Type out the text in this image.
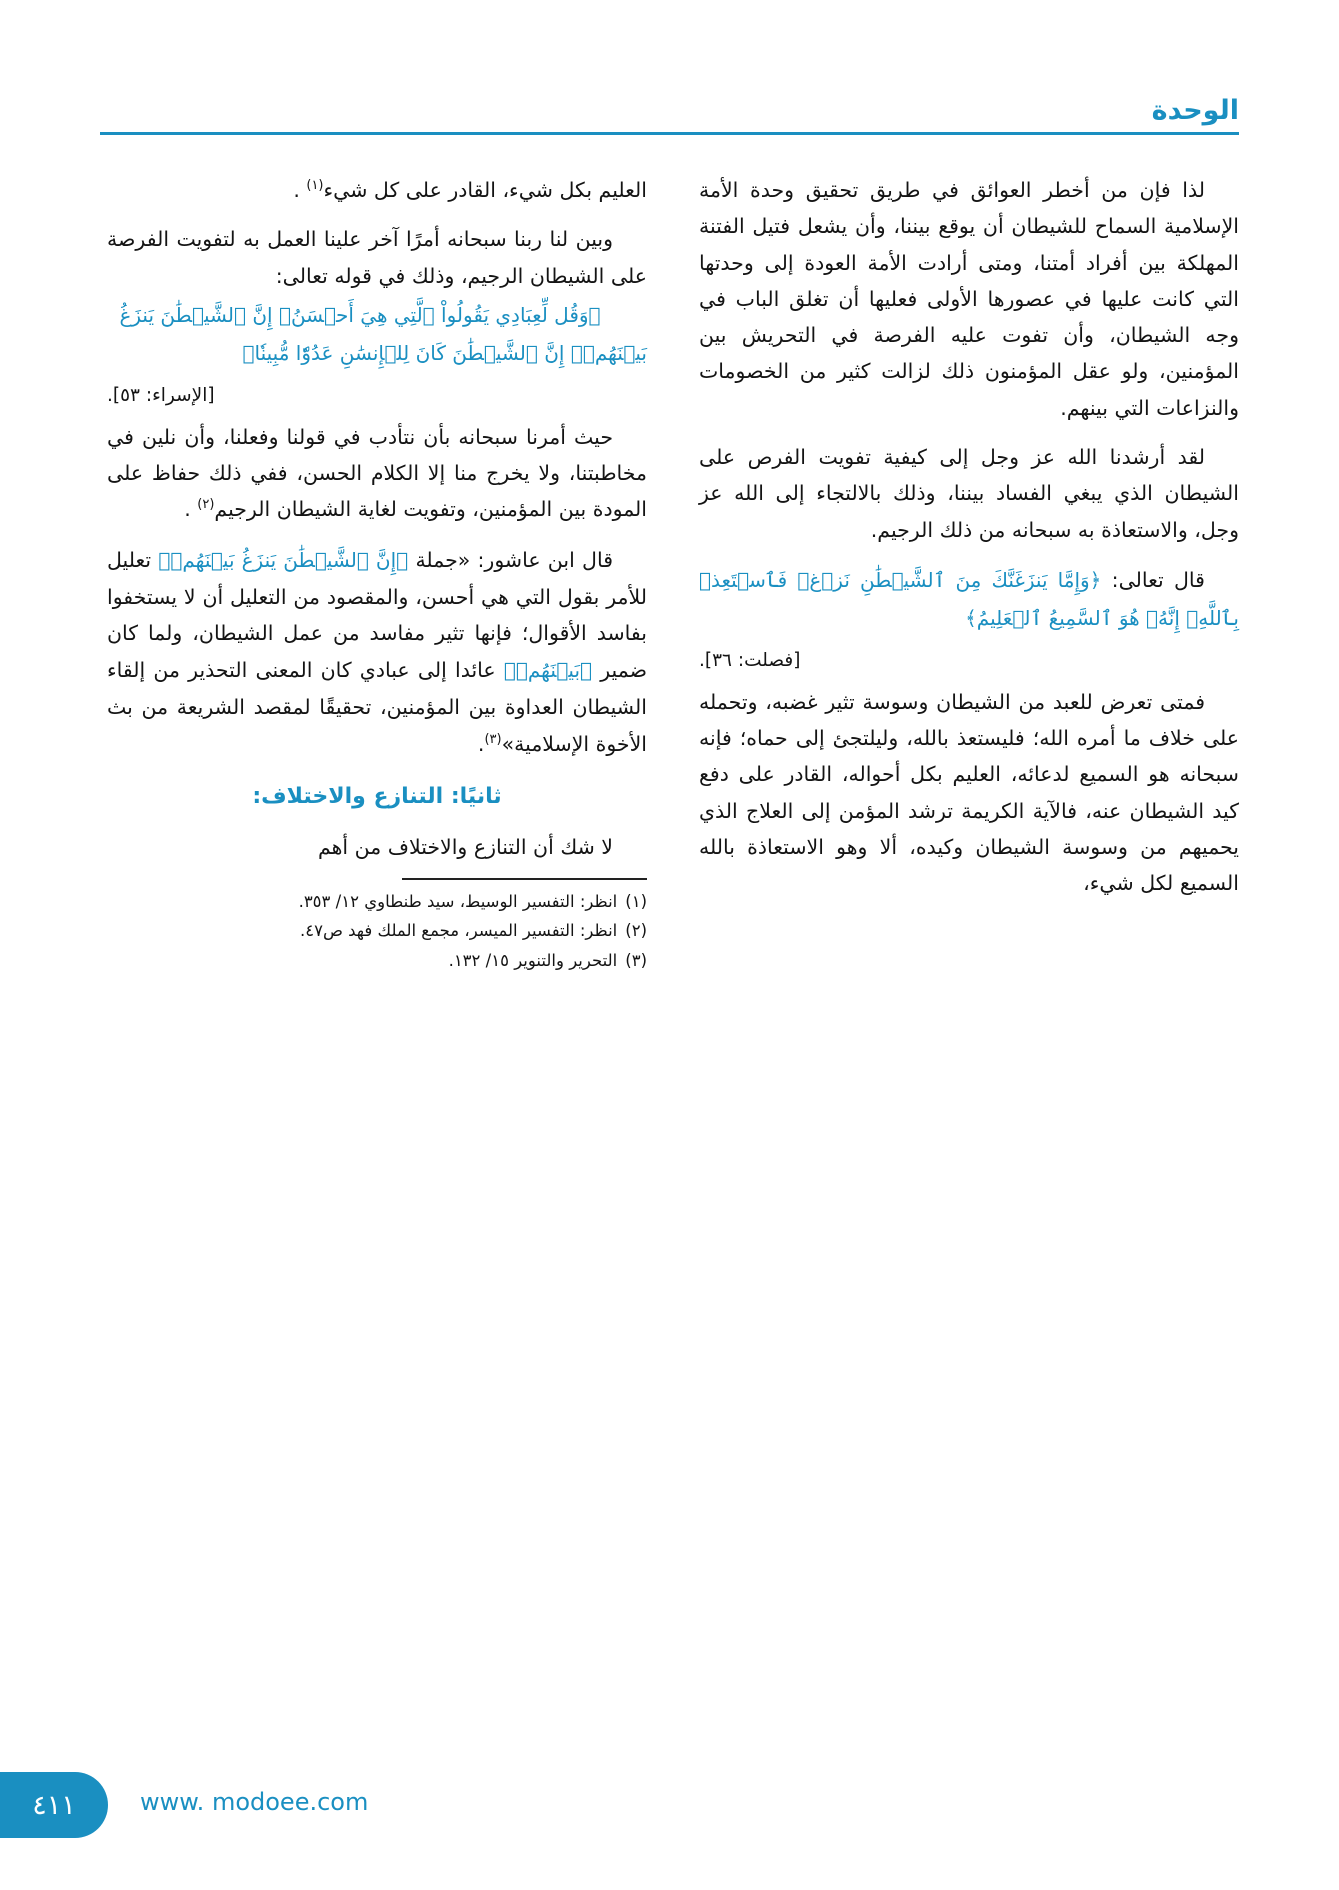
الوحدة

لذا فإن من أخطر العوائق في طريق تحقيق وحدة الأمة الإسلامية السماح للشيطان أن يوقع بيننا، وأن يشعل فتيل الفتنة المهلكة بين أفراد أمتنا، ومتى أرادت الأمة العودة إلى وحدتها التي كانت عليها في عصورها الأولى فعليها أن تغلق الباب في وجه الشيطان، وأن تفوت عليه الفرصة في التحريش بين المؤمنين، ولو عقل المؤمنون ذلك لزالت كثير من الخصومات والنزاعات التي بينهم.

لقد أرشدنا الله عز وجل إلى كيفية تفويت الفرص على الشيطان الذي يبغي الفساد بيننا، وذلك بالالتجاء إلى الله عز وجل، والاستعاذة به سبحانه من ذلك الرجيم.

قال تعالى: ﴿وَإِمَّا يَنزَغَنَّكَ مِنَ ٱلشَّيۡطَٰنِ نَزۡغٞ فَٱسۡتَعِذۡ بِٱللَّهِۚ إِنَّهُۥ هُوَ ٱلسَّمِيعُ ٱلۡعَلِيمُ﴾

[فصلت: ٣٦].

فمتى تعرض للعبد من الشيطان وسوسة تثير غضبه، وتحمله على خلاف ما أمره الله؛ فليستعذ بالله، وليلتجئ إلى حماه؛ فإنه سبحانه هو السميع لدعائه، العليم بكل أحواله، القادر على دفع كيد الشيطان عنه، فالآية الكريمة ترشد المؤمن إلى العلاج الذي يحميهم من وسوسة الشيطان وكيده، ألا وهو الاستعاذة بالله السميع لكل شيء،

العليم بكل شيء، القادر على كل شيء$^{(١)}$ .

وبين لنا ربنا سبحانه أمرًا آخر علينا العمل به لتفويت الفرصة على الشيطان الرجيم، وذلك في قوله تعالى:
﴿وَقُل لِّعِبَادِي يَقُولُواْ ٱلَّتِي هِيَ أَحۡسَنُۚ إِنَّ ٱلشَّيۡطَٰنَ يَنزَغُ بَيۡنَهُمۡۚ إِنَّ ٱلشَّيۡطَٰنَ كَانَ لِلۡإِنسَٰنِ عَدُوّٗا مُّبِينٗا﴾

[الإسراء: ٥٣].

حيث أمرنا سبحانه بأن نتأدب في قولنا وفعلنا، وأن نلين في مخاطبتنا، ولا يخرج منا إلا الكلام الحسن، ففي ذلك حفاظ على المودة بين المؤمنين، وتفويت لغاية الشيطان الرجيم$^{(٢)}$ .

قال ابن عاشور: «جملة ﴿إِنَّ ٱلشَّيۡطَٰنَ يَنزَغُ بَيۡنَهُمۡ﴾ تعليل للأمر بقول التي هي أحسن، والمقصود من التعليل أن لا يستخفوا بفاسد الأقوال؛ فإنها تثير مفاسد من عمل الشيطان، ولما كان ضمير ﴿بَيۡنَهُمۡ﴾ عائدا إلى عبادي كان المعنى التحذير من إلقاء الشيطان العداوة بين المؤمنين، تحقيقًا لمقصد الشريعة من بث الأخوة الإسلامية»$^{(٣)}$.

ثانيًا: التنازع والاختلاف:

لا شك أن التنازع والاختلاف من أهم

(١)
انظر: التفسير الوسيط، سيد طنطاوي ١٢/ ٣٥٣.
(٢)
انظر: التفسير الميسر، مجمع الملك فهد ص٤٧.
(٣)
التحرير والتنوير ١٥/ ١٣٢.
٤١١	www. modoee.com
